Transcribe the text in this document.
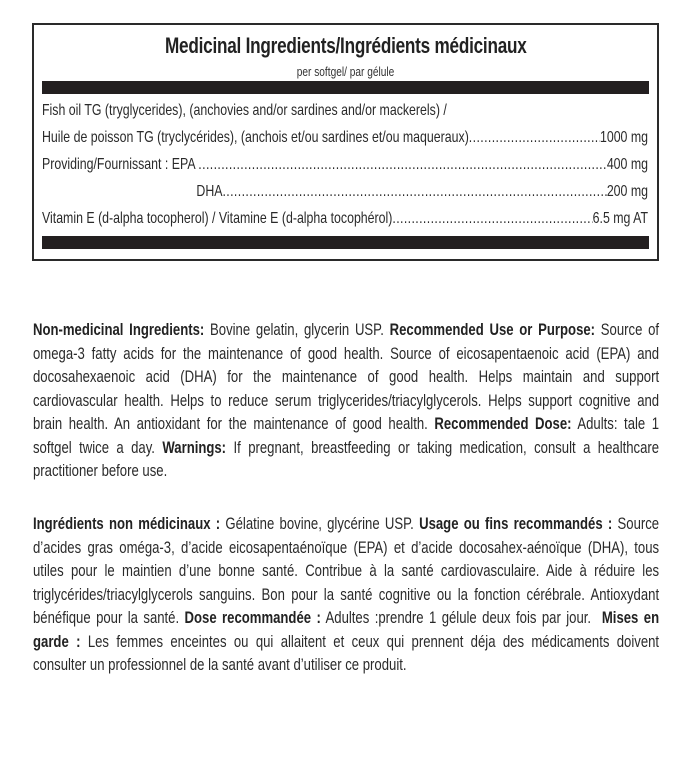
Medicinal Ingredients/Ingrédients médicinaux
per softgel/ par gélule
Fish oil TG (tryglycerides), (anchovies and/or sardines and/or mackerels) /
Huile de poisson TG (tryclycérides), (anchois et/ou sardines et/ou maqueraux) .....	1000 mg
Providing/Fournissant : EPA .....	400 mg
DHA .....	200 mg
Vitamin E (d-alpha tocopherol) / Vitamine E (d-alpha tocophérol) .....	6.5 mg AT
Non-medicinal Ingredients: Bovine gelatin, glycerin USP. Recommended Use or Purpose: Source of omega-3 fatty acids for the maintenance of good health. Source of eicosapentaenoic acid (EPA) and docosahexaenoic acid (DHA) for the maintenance of good health. Helps maintain and support cardiovascular health. Helps to reduce serum triglycerides/triacylglycerols. Helps support cognitive and brain health. An antioxidant for the maintenance of good health. Recommended Dose: Adults: tale 1 softgel twice a day. Warnings: If pregnant, breastfeeding or taking medication, consult a healthcare practitioner before use.
Ingrédients non médicinaux : Gélatine bovine, glycérine USP. Usage ou fins recommandés : Source d’acides gras oméga-3, d’acide eicosapentaénoïque (EPA) et d’acide docosahex-aénoïque (DHA), tous utiles pour le maintien d’une bonne santé. Contribue à la santé cardiovasculaire. Aide à réduire les triglycérides/triacylglycerols sanguins. Bon pour la santé cognitive ou la fonction cérébrale. Antioxydant bénéfique pour la santé. Dose recommandée : Adultes :prendre 1 gélule deux fois par jour.  Mises en garde : Les femmes enceintes ou qui allaitent et ceux qui prennent déja des médicaments doivent consulter un professionnel de la santé avant d’utiliser ce produit.
